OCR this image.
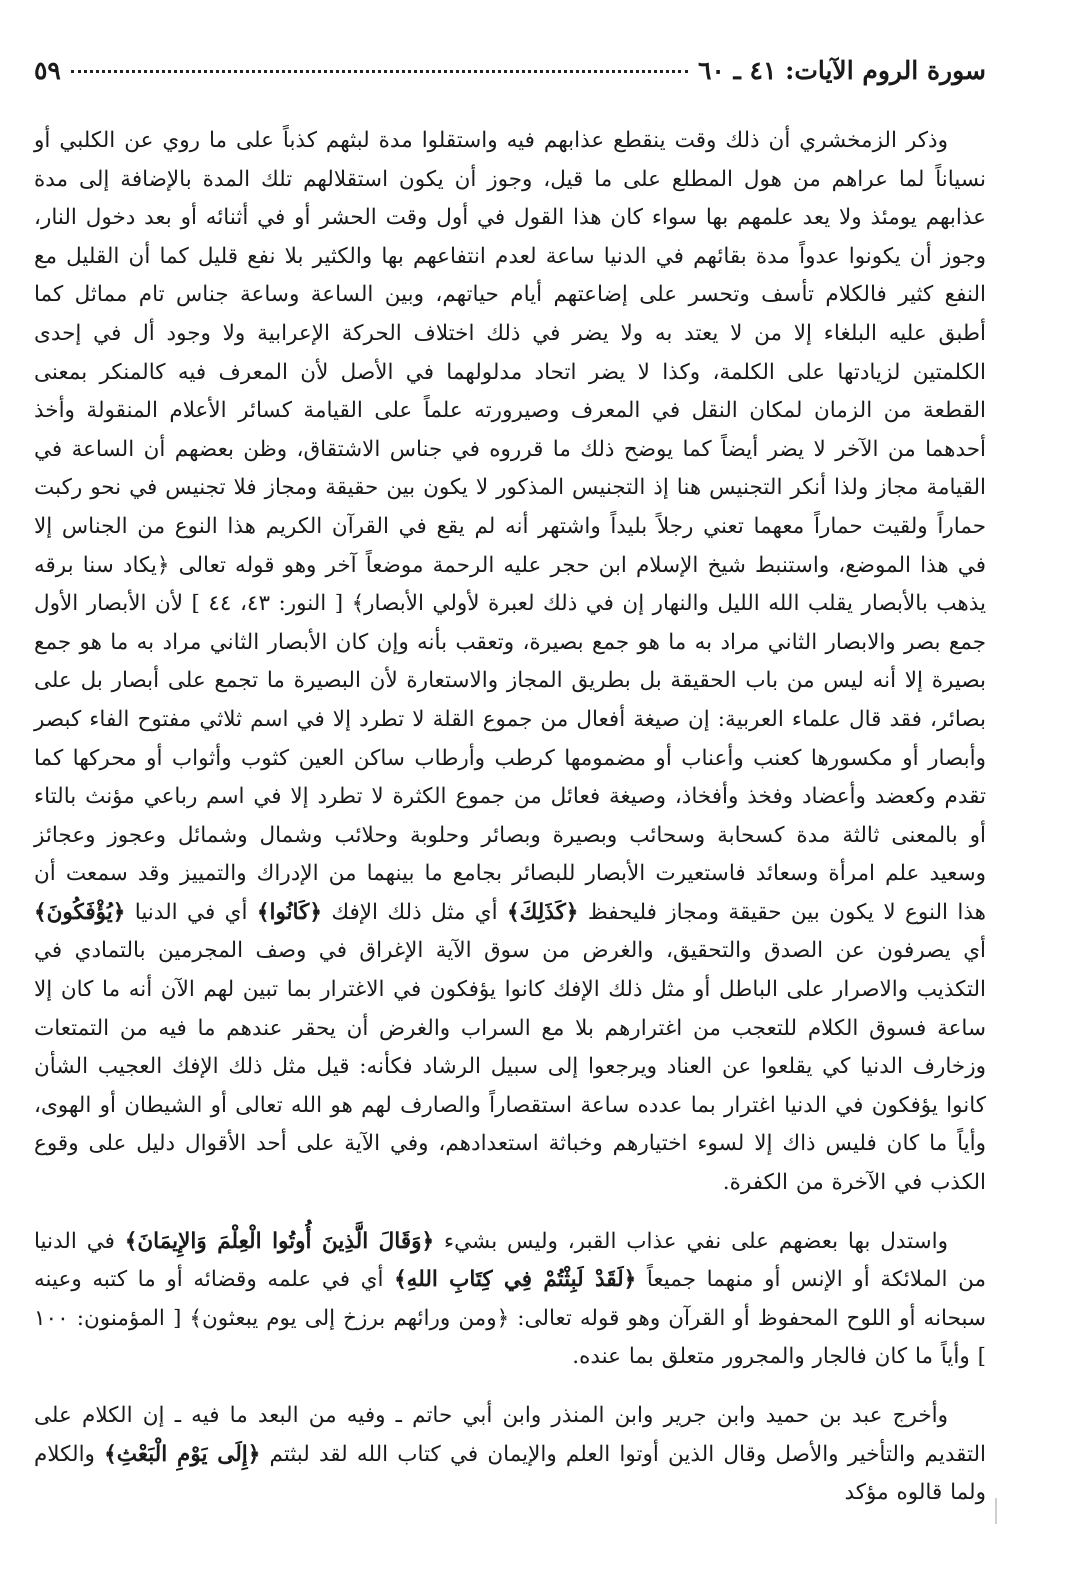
سورة الروم الآيات: ٤١ ـ ٦٠
٥٩

وذكر الزمخشري أن ذلك وقت ينقطع عذابهم فيه واستقلوا مدة لبثهم كذباً على ما روي عن الكلبي أو نسياناً لما عراهم من هول المطلع على ما قيل، وجوز أن يكون استقلالهم تلك المدة بالإضافة إلى مدة عذابهم يومئذ ولا يعد علمهم بها سواء كان هذا القول في أول وقت الحشر أو في أثنائه أو بعد دخول النار، وجوز أن يكونوا عدواً مدة بقائهم في الدنيا ساعة لعدم انتفاعهم بها والكثير بلا نفع قليل كما أن القليل مع النفع كثير فالكلام تأسف وتحسر على إضاعتهم أيام حياتهم، وبين الساعة وساعة جناس تام مماثل كما أطبق عليه البلغاء إلا من لا يعتد به ولا يضر في ذلك اختلاف الحركة الإعرابية ولا وجود أل في إحدى الكلمتين لزيادتها على الكلمة، وكذا لا يضر اتحاد مدلولهما في الأصل لأن المعرف فيه كالمنكر بمعنى القطعة من الزمان لمكان النقل في المعرف وصيرورته علماً على القيامة كسائر الأعلام المنقولة وأخذ أحدهما من الآخر لا يضر أيضاً كما يوضح ذلك ما قرروه في جناس الاشتقاق، وظن بعضهم أن الساعة في القيامة مجاز ولذا أنكر التجنيس هنا إذ التجنيس المذكور لا يكون بين حقيقة ومجاز فلا تجنيس في نحو ركبت حماراً ولقيت حماراً معهما تعني رجلاً بليداً واشتهر أنه لم يقع في القرآن الكريم هذا النوع من الجناس إلا في هذا الموضع، واستنبط شيخ الإسلام ابن حجر عليه الرحمة موضعاً آخر وهو قوله تعالى ﴿يكاد سنا برقه يذهب بالأبصار يقلب الله الليل والنهار إن في ذلك لعبرة لأولي الأبصار﴾ [ النور: ٤٣، ٤٤ ] لأن الأبصار الأول جمع بصر والابصار الثاني مراد به ما هو جمع بصيرة، وتعقب بأنه وإن كان الأبصار الثاني مراد به ما هو جمع بصيرة إلا أنه ليس من باب الحقيقة بل بطريق المجاز والاستعارة لأن البصيرة ما تجمع على أبصار بل على بصائر، فقد قال علماء العربية: إن صيغة أفعال من جموع القلة لا تطرد إلا في اسم ثلاثي مفتوح الفاء كبصر وأبصار أو مكسورها كعنب وأعناب أو مضمومها كرطب وأرطاب ساكن العين كثوب وأثواب أو محركها كما تقدم وكعضد وأعضاد وفخذ وأفخاذ، وصيغة فعائل من جموع الكثرة لا تطرد إلا في اسم رباعي مؤنث بالتاء أو بالمعنى ثالثة مدة كسحابة وسحائب وبصيرة وبصائر وحلوبة وحلائب وشمال وشمائل وعجوز وعجائز وسعيد علم امرأة وسعائد فاستعيرت الأبصار للبصائر بجامع ما بينهما من الإدراك والتمييز وقد سمعت أن هذا النوع لا يكون بين حقيقة ومجاز فليحفظ ﴿كَذَلِكَ﴾ أي مثل ذلك الإفك ﴿كَانُوا﴾ أي في الدنيا ﴿يُؤْفَكُونَ﴾ أي يصرفون عن الصدق والتحقيق، والغرض من سوق الآية الإغراق في وصف المجرمين بالتمادي في التكذيب والاصرار على الباطل أو مثل ذلك الإفك كانوا يؤفكون في الاغترار بما تبين لهم الآن أنه ما كان إلا ساعة فسوق الكلام للتعجب من اغترارهم بلا مع السراب والغرض أن يحقر عندهم ما فيه من التمتعات وزخارف الدنيا كي يقلعوا عن العناد ويرجعوا إلى سبيل الرشاد فكأنه: قيل مثل ذلك الإفك العجيب الشأن كانوا يؤفكون في الدنيا اغترار بما عدده ساعة استقصاراً والصارف لهم هو الله تعالى أو الشيطان أو الهوى، وأياً ما كان فليس ذاك إلا لسوء اختيارهم وخباثة استعدادهم، وفي الآية على أحد الأقوال دليل على وقوع الكذب في الآخرة من الكفرة.

واستدل بها بعضهم على نفي عذاب القبر، وليس بشيء ﴿وَقَالَ الَّذِينَ أُوتُوا الْعِلْمَ وَالإِيمَانَ﴾ في الدنيا من الملائكة أو الإنس أو منهما جميعاً ﴿لَقَدْ لَبِثْتُمْ فِي كِتَابِ اللهِ﴾ أي في علمه وقضائه أو ما كتبه وعينه سبحانه أو اللوح المحفوظ أو القرآن وهو قوله تعالى: ﴿ومن ورائهم برزخ إلى يوم يبعثون﴾ [ المؤمنون: ١٠٠ ] وأياً ما كان فالجار والمجرور متعلق بما عنده.

وأخرج عبد بن حميد وابن جرير وابن المنذر وابن أبي حاتم ـ وفيه من البعد ما فيه ـ إن الكلام على التقديم والتأخير والأصل وقال الذين أوتوا العلم والإيمان في كتاب الله لقد لبثتم ﴿إِلَى يَوْمِ الْبَعْثِ﴾ والكلام ولما قالوه مؤكد
